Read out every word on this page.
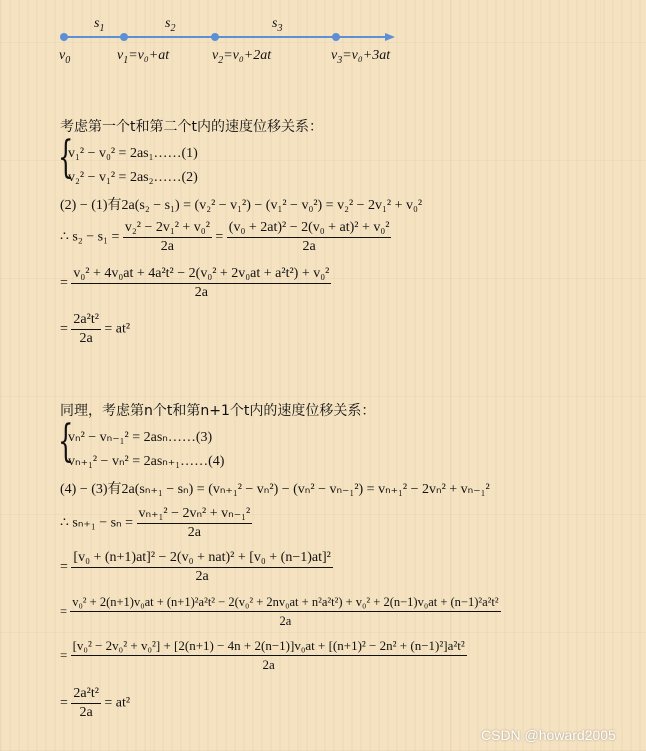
$s_1$	$s_2$	$s_3$
$v_0$	$v_1=v_0+at$	$v_2=v_0+2at$	$v_3=v_0+3at$
考虑第一个t和第二个t内的速度位移关系：
{
v₁² − v₀² = 2as₁……(1)
v₂² − v₁² = 2as₂……(2)
(2) − (1)有2a(s₂ − s₁) = (v₂² − v₁²) − (v₁² − v₀²) = v₂² − 2v₁² + v₀²
∴ $s_2 - s_1 = \frac{\text{v₂² − 2v₁² + v₀²}}{2a} = \frac{\text{(v₀ + 2at)² − 2(v₀ + at)² + v₀²}}{2a}$
= $\frac{\text{v₀² + 4v₀at + 4a²t² − 2(v₀² + 2v₀at + a²t²) + v₀²}}{2a}$
= $\frac{\text{2a²t²}}{2a} = at^2$
同理，考虑第n个t和第n+1个t内的速度位移关系：
{
vₙ² − vₙ₋₁² = 2asₙ……(3)
vₙ₊₁² − vₙ² = 2asₙ₊₁……(4)
(4) − (3)有2a(sₙ₊₁ − sₙ) = (vₙ₊₁² − vₙ²) − (vₙ² − vₙ₋₁²) = vₙ₊₁² − 2vₙ² + vₙ₋₁²
∴ $s_{n+1} - s_n = \frac{\text{vₙ₊₁² − 2vₙ² + vₙ₋₁²}}{2a}$
= $\frac{\text{[v₀ + (n+1)at]² − 2(v₀ + nat)² + [v₀ + (n−1)at]²}}{2a}$
=
v₀² + 2(n+1)v₀at + (n+1)²a²t² − 2(v₀² + 2nv₀at + n²a²t²) + v₀² + 2(n−1)v₀at + (n−1)²a²t²
2a
=
[v₀² − 2v₀² + v₀²] + [2(n+1) − 4n + 2(n−1)]v₀at + [(n+1)² − 2n² + (n−1)²]a²t²
2a
= $\frac{\text{2a²t²}}{2a} = at^2$
CSDN @howard2005
